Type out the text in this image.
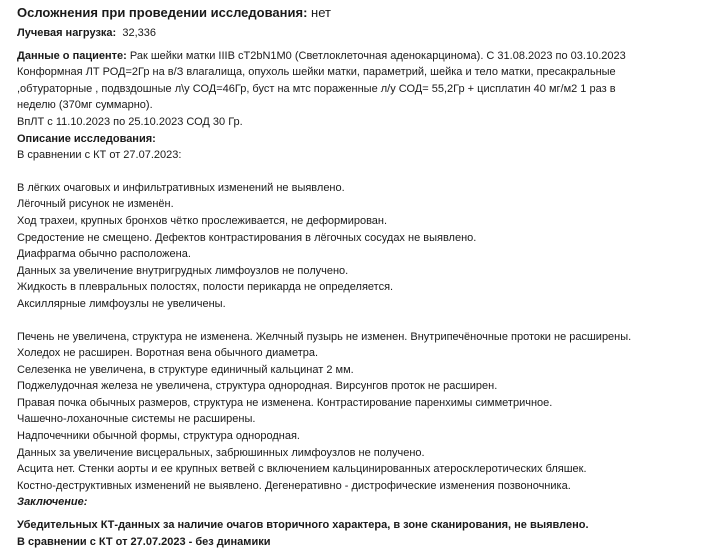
Осложнения при проведении исследования: нет
Лучевая нагрузка: 32,336
Данные о пациенте: Рак шейки матки IIIB cT2bN1M0 (Светлоклеточная аденокарцинома). С 31.08.2023 по 03.10.2023
Конформная ЛТ РОД=2Гр на в/З влагалища, опухоль шейки матки, параметрий, шейка и тело матки, пресакральные
,обтураторные , подвздошные л\у СОД=46Гр, буст на мтс пораженные л/у СОД= 55,2Гр + цисплатин 40 мг/м2 1 раз в
неделю (370мг суммарно).
ВпЛТ с 11.10.2023 по 25.10.2023 СОД 30 Гр.
Описание исследования:
В сравнении с КТ от 27.07.2023:
В лёгких очаговых и инфильтративных изменений не выявлено.
Лёгочный рисунок не изменён.
Ход трахеи, крупных бронхов чётко прослеживается, не деформирован.
Средостение не смещено. Дефектов контрастирования в лёгочных сосудах не выявлено.
Диафрагма обычно расположена.
Данных за увеличение внутригрудных лимфоузлов не получено.
Жидкость в плевральных полостях, полости перикарда не определяется.
Аксиллярные лимфоузлы не увеличены.
Печень не увеличена, структура не изменена. Желчный пузырь не изменен. Внутрипечёночные протоки не расширены.
Холедох не расширен. Воротная вена обычного диаметра.
Селезенка не увеличена, в структуре единичный кальцинат 2 мм.
Поджелудочная железа не увеличена, структура однородная. Вирсунгов проток не расширен.
Правая почка обычных размеров, структура не изменена. Контрастирование паренхимы симметричное.
Чашечно-лоханочные системы не расширены.
Надпочечники обычной формы, структура однородная.
Данных за увеличение висцеральных, забрюшинных лимфоузлов не получено.
Асцита нет. Стенки аорты и ее крупных ветвей с включением кальцинированных атеросклеротических бляшек.
Костно-деструктивных изменений не выявлено. Дегенеративно - дистрофические изменения позвоночника.
Заключение:
Убедительных КТ-данных за наличие очагов вторичного характера, в зоне сканирования, не выявлено.
В сравнении с КТ от 27.07.2023 - без динамики
